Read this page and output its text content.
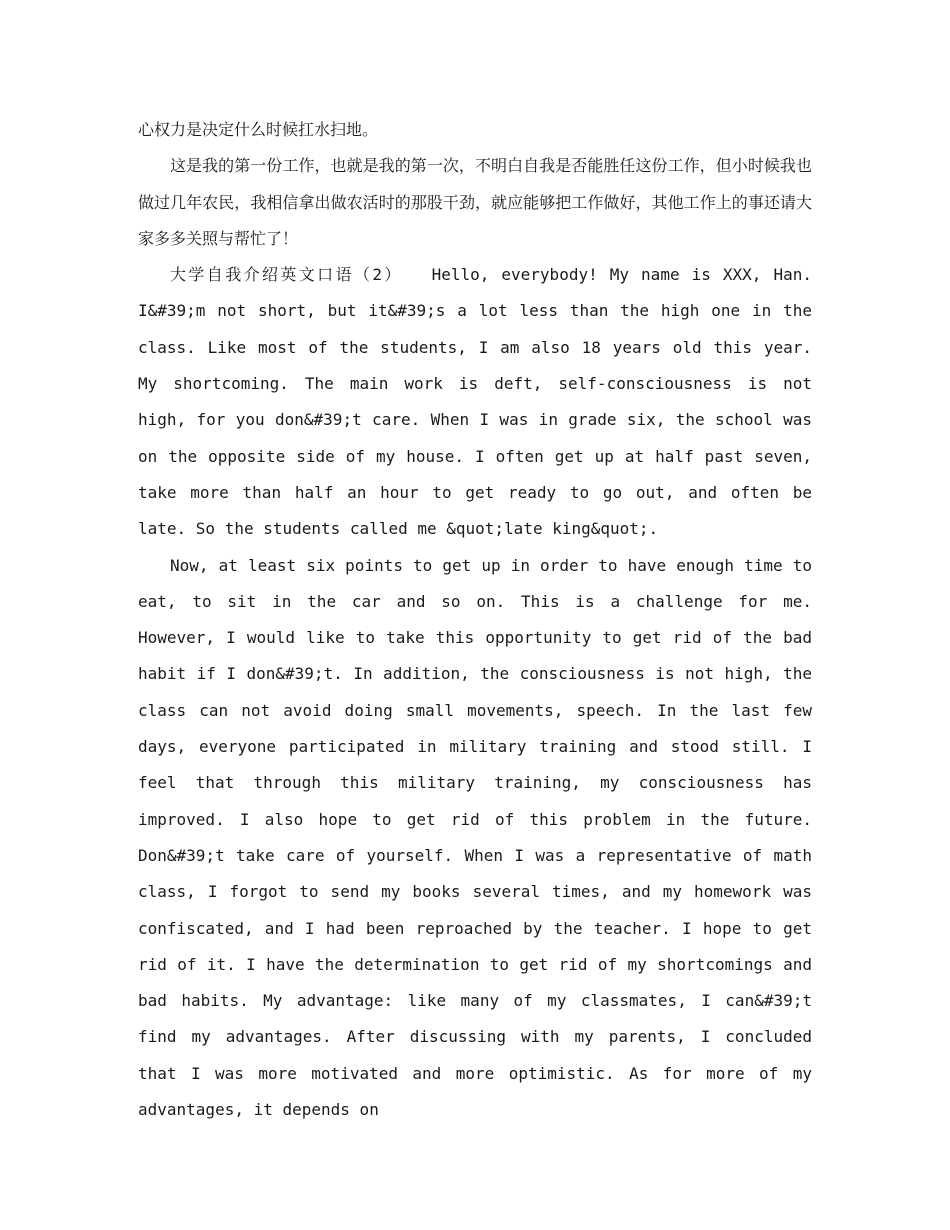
心权力是决定什么时候扛水扫地。

这是我的第一份工作，也就是我的第一次，不明白自我是否能胜任这份工作，但小时候我也做过几年农民，我相信拿出做农活时的那股干劲，就应能够把工作做好，其他工作上的事还请大家多多关照与帮忙了！

大学自我介绍英文口语（2）　　Hello, everybody! My name is XXX, Han. I&#39;m not short, but it&#39;s a lot less than the high one in the class. Like most of the students, I am also 18 years old this year. My shortcoming. The main work is deft, self-consciousness is not high, for you don&#39;t care. When I was in grade six, the school was on the opposite side of my house. I often get up at half past seven, take more than half an hour to get ready to go out, and often be late. So the students called me &quot;late king&quot;.

Now, at least six points to get up in order to have enough time to eat, to sit in the car and so on. This is a challenge for me. However, I would like to take this opportunity to get rid of the bad habit if I don&#39;t. In addition, the consciousness is not high, the class can not avoid doing small movements, speech. In the last few days, everyone participated in military training and stood still. I feel that through this military training, my consciousness has improved. I also hope to get rid of this problem in the future. Don&#39;t take care of yourself. When I was a representative of math class, I forgot to send my books several times, and my homework was confiscated, and I had been reproached by the teacher. I hope to get rid of it. I have the determination to get rid of my shortcomings and bad habits. My advantage: like many of my classmates, I can&#39;t find my advantages. After discussing with my parents, I concluded that I was more motivated and more optimistic. As for more of my advantages, it depends on
